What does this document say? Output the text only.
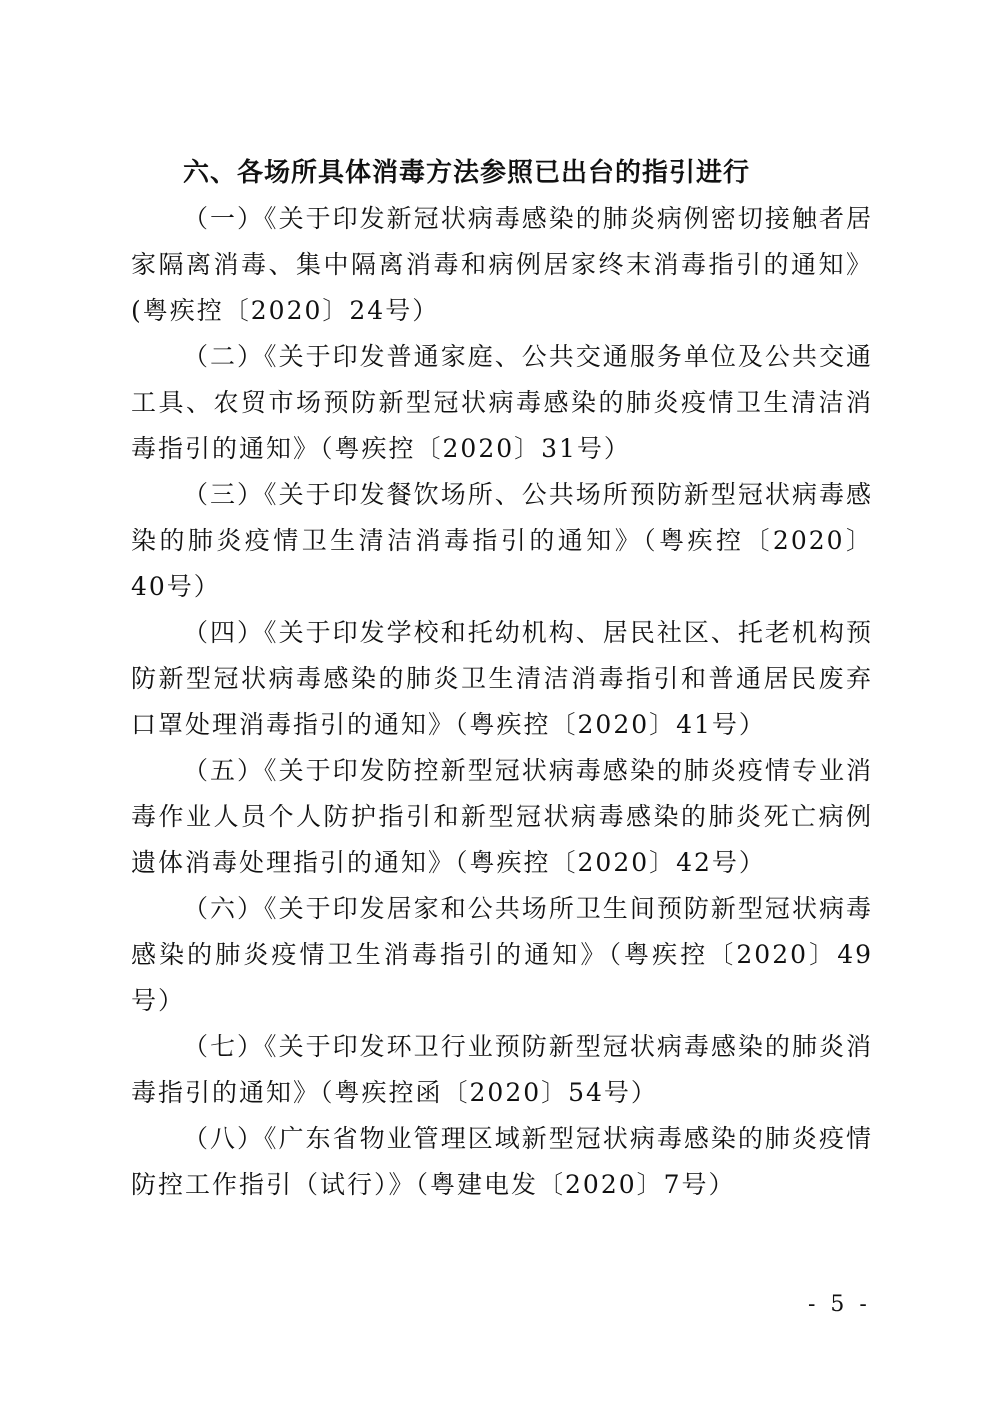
六、各场所具体消毒方法参照已出台的指引进行

（一）《关于印发新冠状病毒感染的肺炎病例密切接触者居家隔离消毒、集中隔离消毒和病例居家终末消毒指引的通知》(粤疾控〔2020〕24号）

（二）《关于印发普通家庭、公共交通服务单位及公共交通工具、农贸市场预防新型冠状病毒感染的肺炎疫情卫生清洁消毒指引的通知》（粤疾控〔2020〕31号）

（三）《关于印发餐饮场所、公共场所预防新型冠状病毒感染的肺炎疫情卫生清洁消毒指引的通知》（粤疾控〔2020〕40号）

（四）《关于印发学校和托幼机构、居民社区、托老机构预防新型冠状病毒感染的肺炎卫生清洁消毒指引和普通居民废弃口罩处理消毒指引的通知》（粤疾控〔2020〕41号）

（五）《关于印发防控新型冠状病毒感染的肺炎疫情专业消毒作业人员个人防护指引和新型冠状病毒感染的肺炎死亡病例遗体消毒处理指引的通知》（粤疾控〔2020〕42号）

（六）《关于印发居家和公共场所卫生间预防新型冠状病毒感染的肺炎疫情卫生消毒指引的通知》（粤疾控〔2020〕49号）

（七）《关于印发环卫行业预防新型冠状病毒感染的肺炎消毒指引的通知》（粤疾控函〔2020〕54号）

（八）《广东省物业管理区域新型冠状病毒感染的肺炎疫情防控工作指引（试行）》（粤建电发〔2020〕7号）

- 5 -
